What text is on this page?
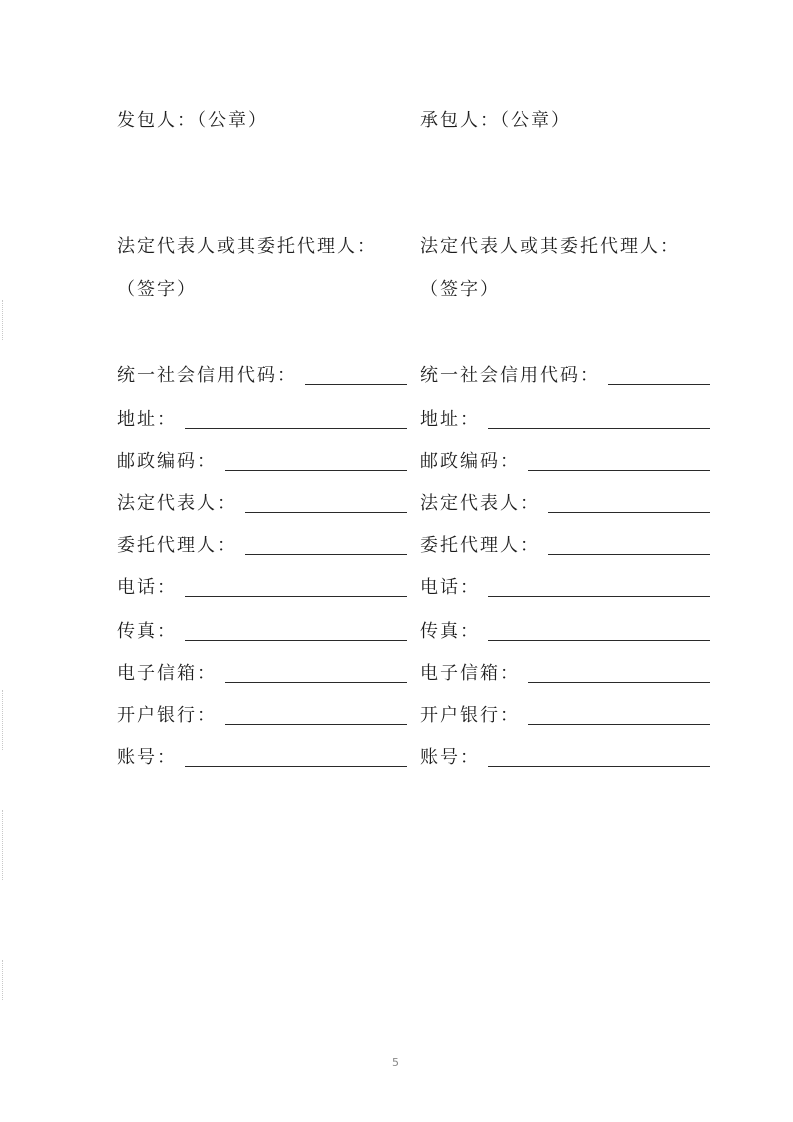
发包人：（公章）
法定代表人或其委托代理人：
（签字）
统一社会信用代码：
地址：
邮政编码：
法定代表人：
委托代理人：
电话：
传真：
电子信箱：
开户银行：
账号：
承包人：（公章）
法定代表人或其委托代理人：
（签字）
统一社会信用代码：
地址：
邮政编码：
法定代表人：
委托代理人：
电话：
传真：
电子信箱：
开户银行：
账号：
5
